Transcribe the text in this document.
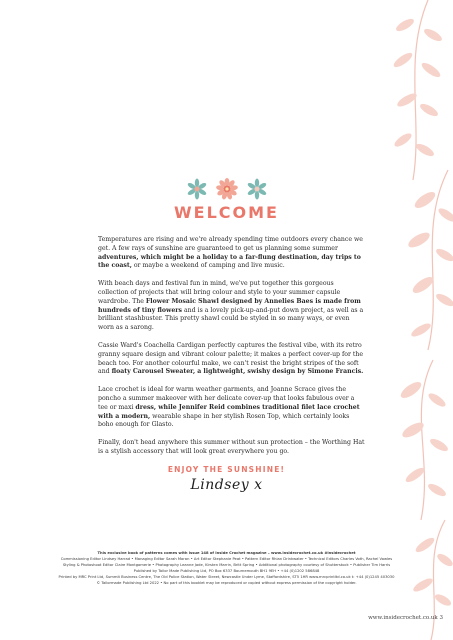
WELCOME

Temperatures are rising and we're already spending time outdoors every chance we get. A few rays of sunshine are guaranteed to get us planning some summer adventures, which might be a holiday to a far-flung destination, day trips to the coast, or maybe a weekend of camping and live music.

With beach days and festival fun in mind, we've put together this gorgeous collection of projects that will bring colour and style to your summer capsule wardrobe. The Flower Mosaic Shawl designed by Annelies Baes is made from hundreds of tiny flowers and is a lovely pick-up-and-put down project, as well as a brilliant stashbuster. This pretty shawl could be styled in so many ways, or even worn as a sarong.

Cassie Ward's Coachella Cardigan perfectly captures the festival vibe, with its retro granny square design and vibrant colour palette; it makes a perfect cover-up for the beach too. For another colourful make, we can't resist the bright stripes of the soft and floaty Carousel Sweater, a lightweight, swishy design by Simone Francis.

Lace crochet is ideal for warm weather garments, and Joanne Scrace gives the poncho a summer makeover with her delicate cover-up that looks fabulous over a tee or maxi dress, while Jennifer Reid combines traditional filet lace crochet with a modern, wearable shape in her stylish Rosen Top, which certainly looks boho enough for Glasto.

Finally, don't head anywhere this summer without sun protection – the Worthing Hat is a stylish accessory that will look great everywhere you go.

ENJOY THE SUNSHINE!
Lindsey x
This exclusive book of patterns comes with issue 148 of Inside Crochet magazine – www.insidecrochet.co.uk #insidecrochet
Commissioning Editor Lindsey Harrad • Managing Editor Sarah Moran • Art Editor Stephanie Peat • Pattern Editor Rhian Drinkwater • Technical Editors Charles Voth, Rachel Vowles
Styling & Photoshoot Editor Claire Montgomerie • Photography Leanne Jade, Kirsten Marrin, Britt Spring • Additional photography courtesy of Shutterstock • Publisher Tim Harris
Published by Tailor Made Publishing Ltd, PO Box 6337 Bournemouth BH1 9EH • +44 (0)1202 586848
Printed by MRC Print Ltd, Summit Business Centre, The Old Police Station, Water Street, Newcastle Under Lyme, Staffordshire, ST5 1HR www.mrcprintltd.co.uk t: +44 (0)1245 403030
© Tailormade Publishing Ltd 2022 • No part of this booklet may be reproduced or copied without express permission of the copyright holder.
www.insidecrochet.co.uk 3
